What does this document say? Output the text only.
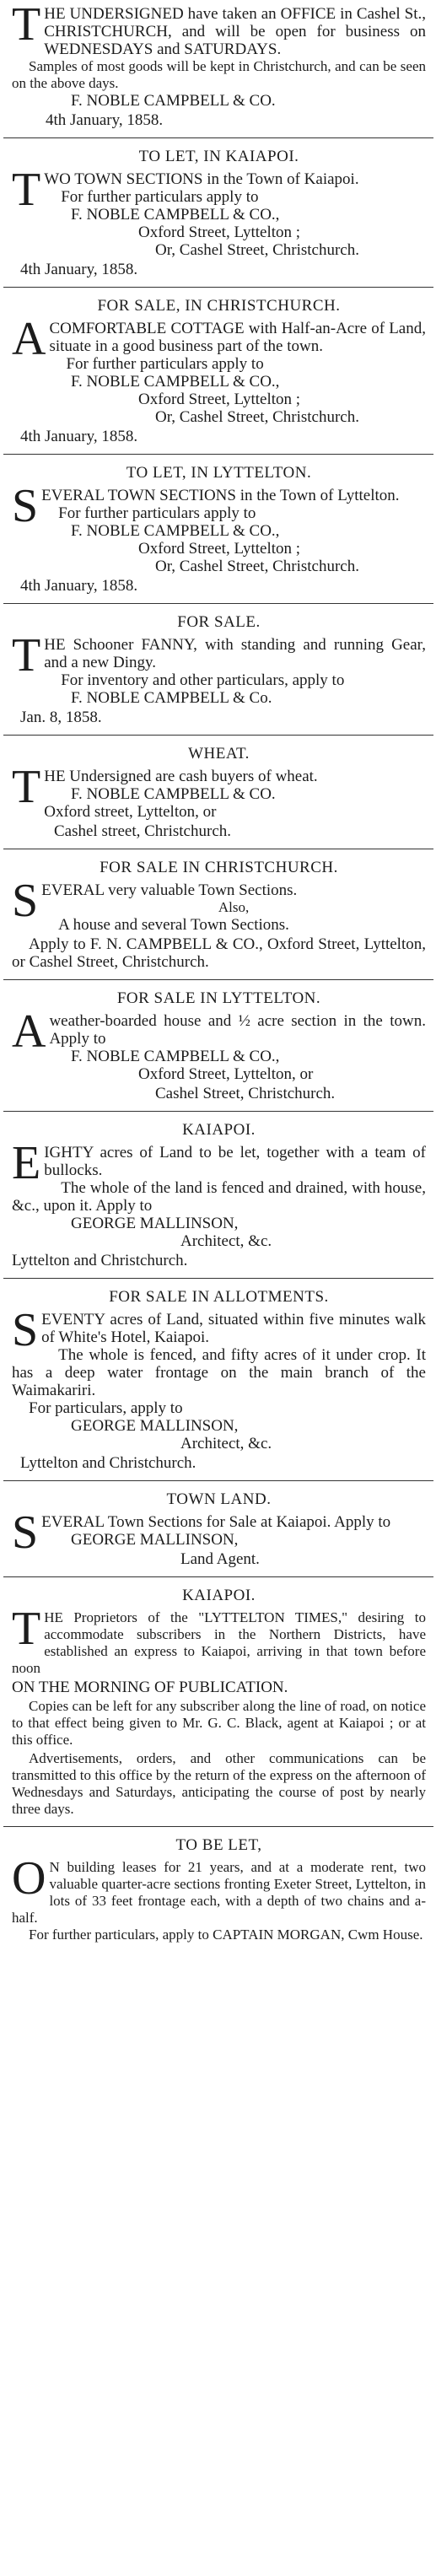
THE UNDERSIGNED have taken an OFFICE in Cashel St., CHRISTCHURCH, and will be open for business on WEDNESDAYS and SATURDAYS.

Samples of most goods will be kept in Christchurch, and can be seen on the above days.

F. NOBLE CAMPBELL & CO.

4th January, 1858.

TO LET, IN KAIAPOI.

TWO TOWN SECTIONS in the Town of Kaiapoi.

For further particulars apply to

F. NOBLE CAMPBELL & CO.,

Oxford Street, Lyttelton ;

Or, Cashel Street, Christchurch.

4th January, 1858.

FOR SALE, IN CHRISTCHURCH.

ACOMFORTABLE COTTAGE with Half-an-Acre of Land, situate in a good business part of the town.

For further particulars apply to

F. NOBLE CAMPBELL & CO.,

Oxford Street, Lyttelton ;

Or, Cashel Street, Christchurch.

4th January, 1858.

TO LET, IN LYTTELTON.

SEVERAL TOWN SECTIONS in the Town of Lyttelton.

For further particulars apply to

F. NOBLE CAMPBELL & CO.,

Oxford Street, Lyttelton ;

Or, Cashel Street, Christchurch.

4th January, 1858.

FOR SALE.

THE Schooner FANNY, with standing and running Gear, and a new Dingy.

For inventory and other particulars, apply to

F. NOBLE CAMPBELL & Co.

Jan. 8, 1858.

WHEAT.

THE Undersigned are cash buyers of wheat.

F. NOBLE CAMPBELL & CO.

Oxford street, Lyttelton, or

Cashel street, Christchurch.

FOR SALE IN CHRISTCHURCH.

SEVERAL very valuable Town Sections.

Also,

A house and several Town Sections.

Apply to F. N. CAMPBELL & CO., Oxford Street, Lyttelton, or Cashel Street, Christchurch.

FOR SALE IN LYTTELTON.

Aweather-boarded house and ½ acre section in the town. Apply to

F. NOBLE CAMPBELL & CO.,

Oxford Street, Lyttelton, or

Cashel Street, Christchurch.

KAIAPOI.

EIGHTY acres of Land to be let, together with a team of bullocks.

The whole of the land is fenced and drained, with house, &c., upon it. Apply to

GEORGE MALLINSON,

Architect, &c.

Lyttelton and Christchurch.

FOR SALE IN ALLOTMENTS.

SEVENTY acres of Land, situated within five minutes walk of White's Hotel, Kaiapoi.

The whole is fenced, and fifty acres of it under crop. It has a deep water frontage on the main branch of the Waimakariri.

For particulars, apply to

GEORGE MALLINSON,

Architect, &c.

Lyttelton and Christchurch.

TOWN LAND.

SEVERAL Town Sections for Sale at Kaiapoi. Apply to

GEORGE MALLINSON,

Land Agent.

KAIAPOI.

THE Proprietors of the "LYTTELTON TIMES," desiring to accommodate subscribers in the Northern Districts, have established an express to Kaiapoi, arriving in that town before noon

ON THE MORNING OF PUBLICATION.

Copies can be left for any subscriber along the line of road, on notice to that effect being given to Mr. G. C. Black, agent at Kaiapoi ; or at this office.

Advertisements, orders, and other communications can be transmitted to this office by the return of the express on the afternoon of Wednesdays and Saturdays, anticipating the course of post by nearly three days.

TO BE LET,

ON building leases for 21 years, and at a moderate rent, two valuable quarter-acre sections fronting Exeter Street, Lyttelton, in lots of 33 feet frontage each, with a depth of two chains and a-half.

For further particulars, apply to CAPTAIN MORGAN, Cwm House.
